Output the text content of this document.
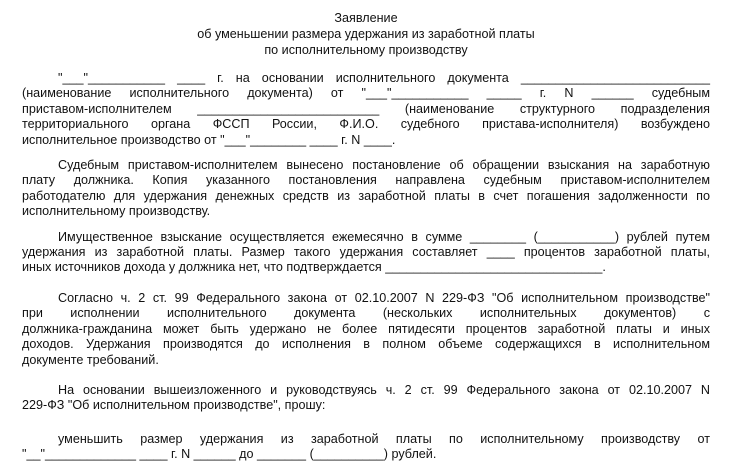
Заявление
об уменьшении размера удержания из заработной платы
по исполнительному производству
"___"___________ ____ г. на основании исполнительного документа ___________________________
(наименование исполнительного документа) от "___"___________ _____ г. N ______ судебным
приставом-исполнителем __________________________ (наименование структурного подразделения
территориального органа ФССП России, Ф.И.О. судебного пристава-исполнителя) возбуждено
исполнительное производство от "___"________ ____ г. N ____.
Судебным приставом-исполнителем вынесено постановление об обращении взыскания на заработную
плату должника. Копия указанного постановления направлена судебным приставом-исполнителем
работодателю для удержания денежных средств из заработной платы в счет погашения задолженности по
исполнительному производству.
Имущественное взыскание осуществляется ежемесячно в сумме ________ (___________) рублей путем
удержания из заработной платы. Размер такого удержания составляет ____ процентов заработной платы,
иных источников дохода у должника нет, что подтверждается _______________________________.
Согласно ч. 2 ст. 99 Федерального закона от 02.10.2007 N 229-ФЗ "Об исполнительном производстве"
при исполнении исполнительного документа (нескольких исполнительных документов) с
должника-гражданина может быть удержано не более пятидесяти процентов заработной платы и иных
доходов. Удержания производятся до исполнения в полном объеме содержащихся в исполнительном
документе требований.
На основании вышеизложенного и руководствуясь ч. 2 ст. 99 Федерального закона от 02.10.2007 N
229-ФЗ "Об исполнительном производстве", прошу:
уменьшить размер удержания из заработной платы по исполнительному производству от
"__"_____________ ____ г. N ______ до _______ (__________) рублей.
